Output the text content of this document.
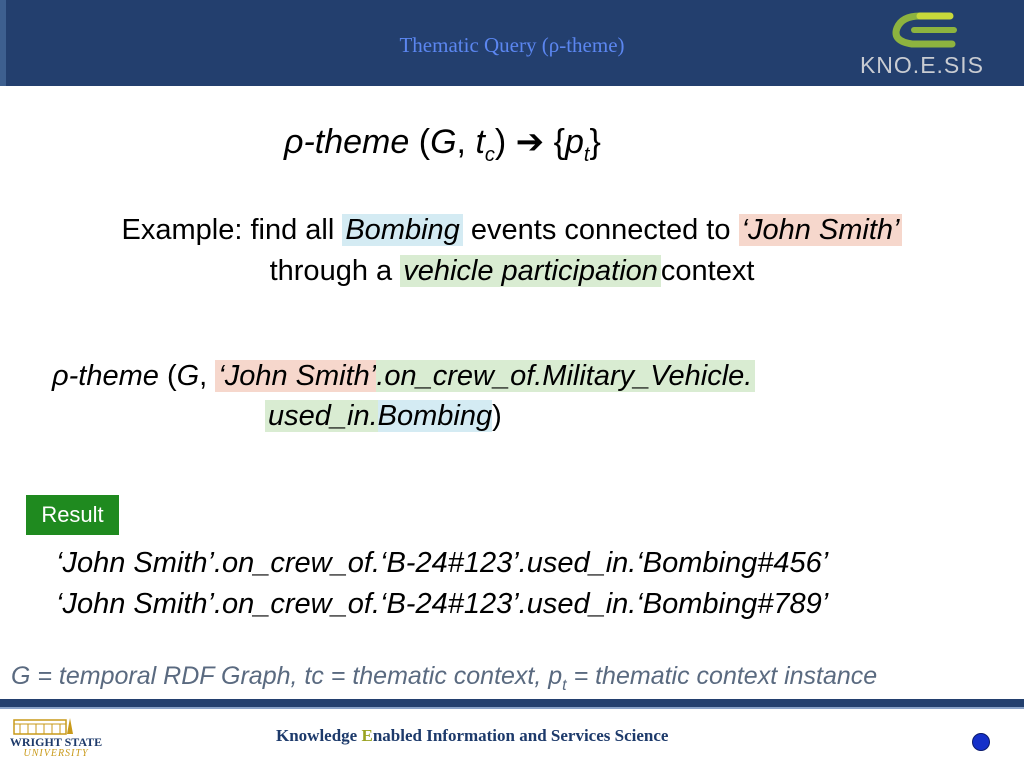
Thematic Query (ρ-theme)
KNO.E.SIS
ρ-theme (G, $t_c$) ➔ $\{p_t\}$
Example: find all Bombing events connected to ‘John Smith’
through a vehicle participation context
ρ-theme (G, ‘John Smith’.on_crew_of.Military_Vehicle.
used_in.Bombing)
Result
‘John Smith’.on_crew_of.‘B-24#123’.used_in.‘Bombing#456’
‘John Smith’.on_crew_of.‘B-24#123’.used_in.‘Bombing#789’
G = temporal RDF Graph, tc = thematic context, $p_t$ = thematic context instance
WRIGHT STATE
UNIVERSITY
Knowledge Enabled Information and Services Science
